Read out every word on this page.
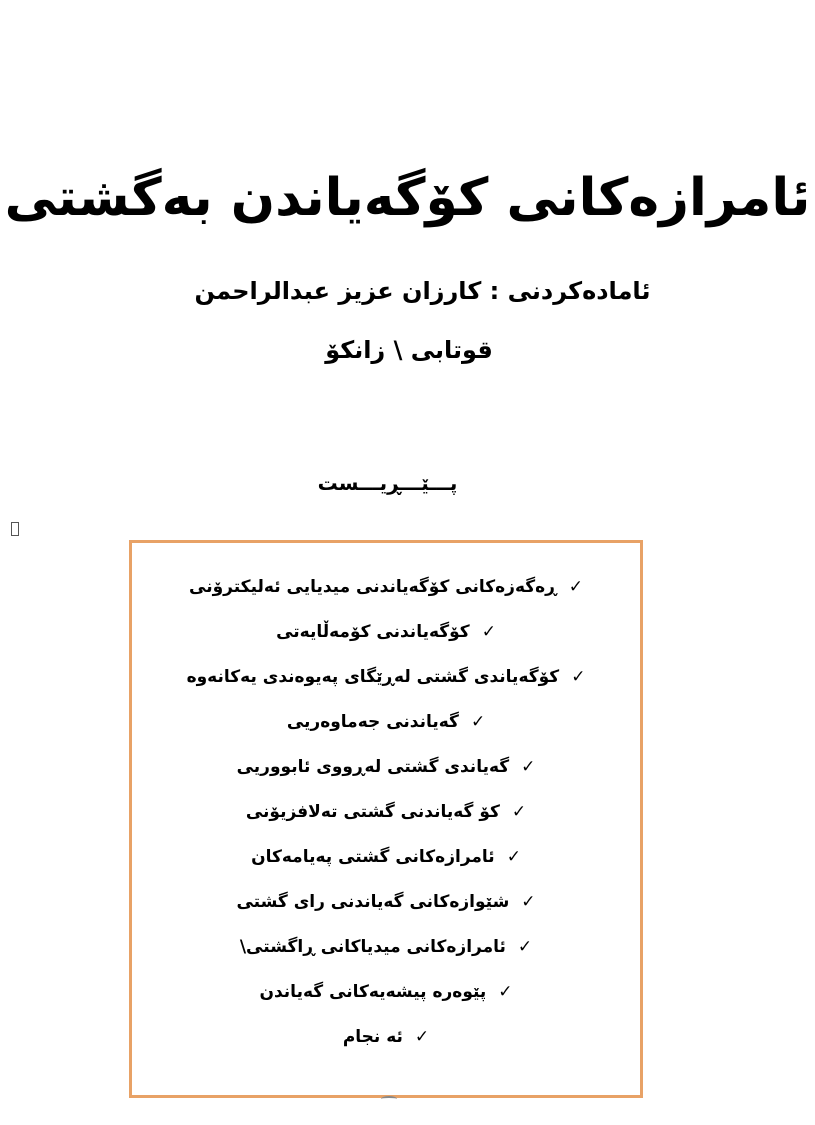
ئامرازەکانی کۆگەیاندن بەگشتی
ئامادەکردنی : کارزان عزیز عبدالراحمن
قوتابی \ زانکۆ
پـــێـــڕیـــست
✓
ڕەگەزەکانی کۆگەیاندنی میدیایی ئەلیکترۆنی
✓
کۆگەیاندنی کۆمەڵایەتی
✓
کۆگەیاندی گشتی لەڕێگای پەیوەندی یەکانەوە
✓
گەیاندنی جەماوەریی
✓
گەیاندی گشتی لەڕووی ئابووریی
✓
کۆ گەیاندنی گشتی تەلافزیۆنی
✓
ئامرازەکانی گشتی پەیامەکان
✓
شێوازەکانی گەیاندنی رای گشتی
✓
ئامرازەکانی میدیاکانی ڕاگشتی\
✓
پێوەرە پیشەیەکانی گەیاندن
✓
ئە نجام
